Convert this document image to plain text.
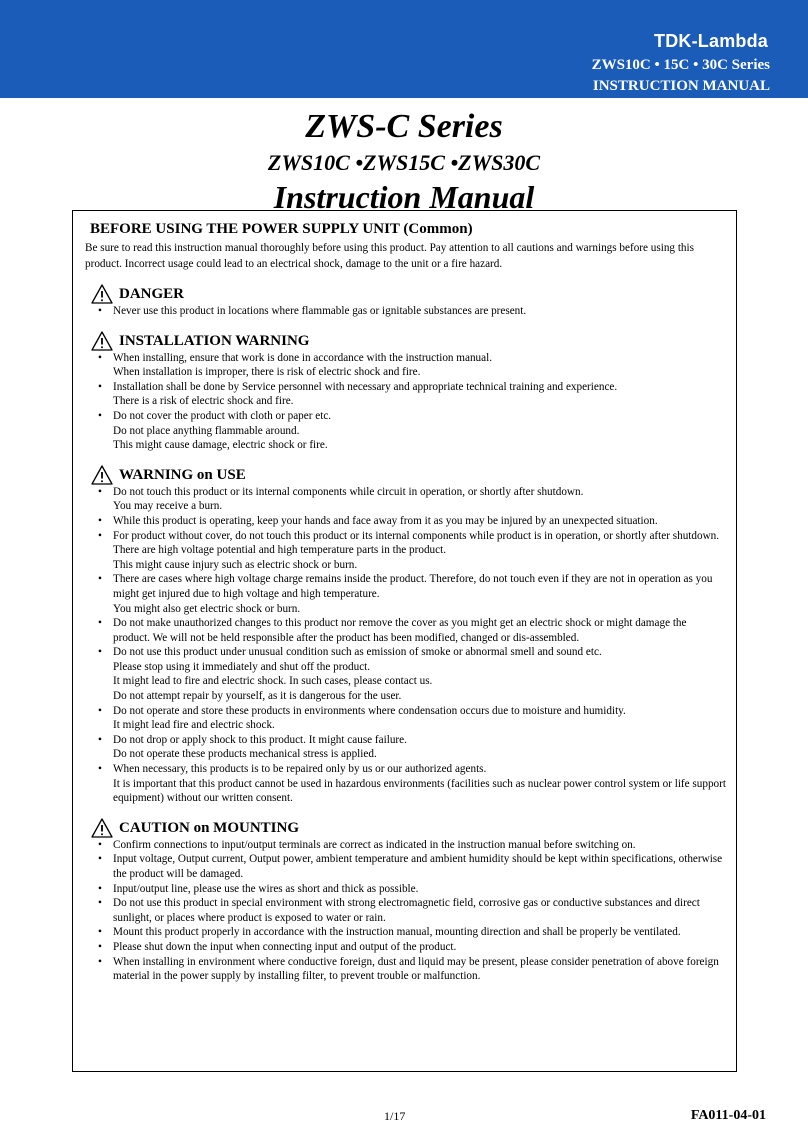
TDK-Lambda
ZWS10C • 15C • 30C Series
INSTRUCTION MANUAL
ZWS-C Series
ZWS10C •ZWS15C •ZWS30C
Instruction Manual
BEFORE USING THE POWER SUPPLY UNIT (Common)
Be sure to read this instruction manual thoroughly before using this product. Pay attention to all cautions and warnings before using this product. Incorrect usage could lead to an electrical shock, damage to the unit or a fire hazard.
DANGER
• Never use this product in locations where flammable gas or ignitable substances are present.
INSTALLATION WARNING
• When installing, ensure that work is done in accordance with the instruction manual.
When installation is improper, there is risk of electric shock and fire.
• Installation shall be done by Service personnel with necessary and appropriate technical training and experience.
There is a risk of electric shock and fire.
• Do not cover the product with cloth or paper etc.
Do not place anything flammable around.
This might cause damage, electric shock or fire.
WARNING on USE
• Do not touch this product or its internal components while circuit in operation, or shortly after shutdown.
You may receive a burn.
• While this product is operating, keep your hands and face away from it as you may be injured by an unexpected situation.
• For product without cover, do not touch this product or its internal components while product is in operation, or shortly after shutdown. There are high voltage potential and high temperature parts in the product.
This might cause injury such as electric shock or burn.
• There are cases where high voltage charge remains inside the product. Therefore, do not touch even if they are not in operation as you might get injured due to high voltage and high temperature.
You might also get electric shock or burn.
• Do not make unauthorized changes to this product nor remove the cover as you might get an electric shock or might damage the product. We will not be held responsible after the product has been modified, changed or dis-assembled.
• Do not use this product under unusual condition such as emission of smoke or abnormal smell and sound etc.
Please stop using it immediately and shut off the product.
It might lead to fire and electric shock. In such cases, please contact us.
Do not attempt repair by yourself, as it is dangerous for the user.
• Do not operate and store these products in environments where condensation occurs due to moisture and humidity.
It might lead fire and electric shock.
• Do not drop or apply shock to this product. It might cause failure.
Do not operate these products mechanical stress is applied.
• When necessary, this products is to be repaired only by us or our authorized agents.
It is important that this product cannot be used in hazardous environments (facilities such as nuclear power control system or life support equipment) without our written consent.
CAUTION on MOUNTING
• Confirm connections to input/output terminals are correct as indicated in the instruction manual before switching on.
• Input voltage, Output current, Output power, ambient temperature and ambient humidity should be kept within specifications, otherwise the product will be damaged.
• Input/output line, please use the wires as short and thick as possible.
• Do not use this product in special environment with strong electromagnetic field, corrosive gas or conductive substances and direct sunlight, or places where product is exposed to water or rain.
• Mount this product properly in accordance with the instruction manual, mounting direction and shall be properly be ventilated.
• Please shut down the input when connecting input and output of the product.
• When installing in environment where conductive foreign, dust and liquid may be present, please consider penetration of above foreign material in the power supply by installing filter, to prevent trouble or malfunction.
1/17	FA011-04-01
